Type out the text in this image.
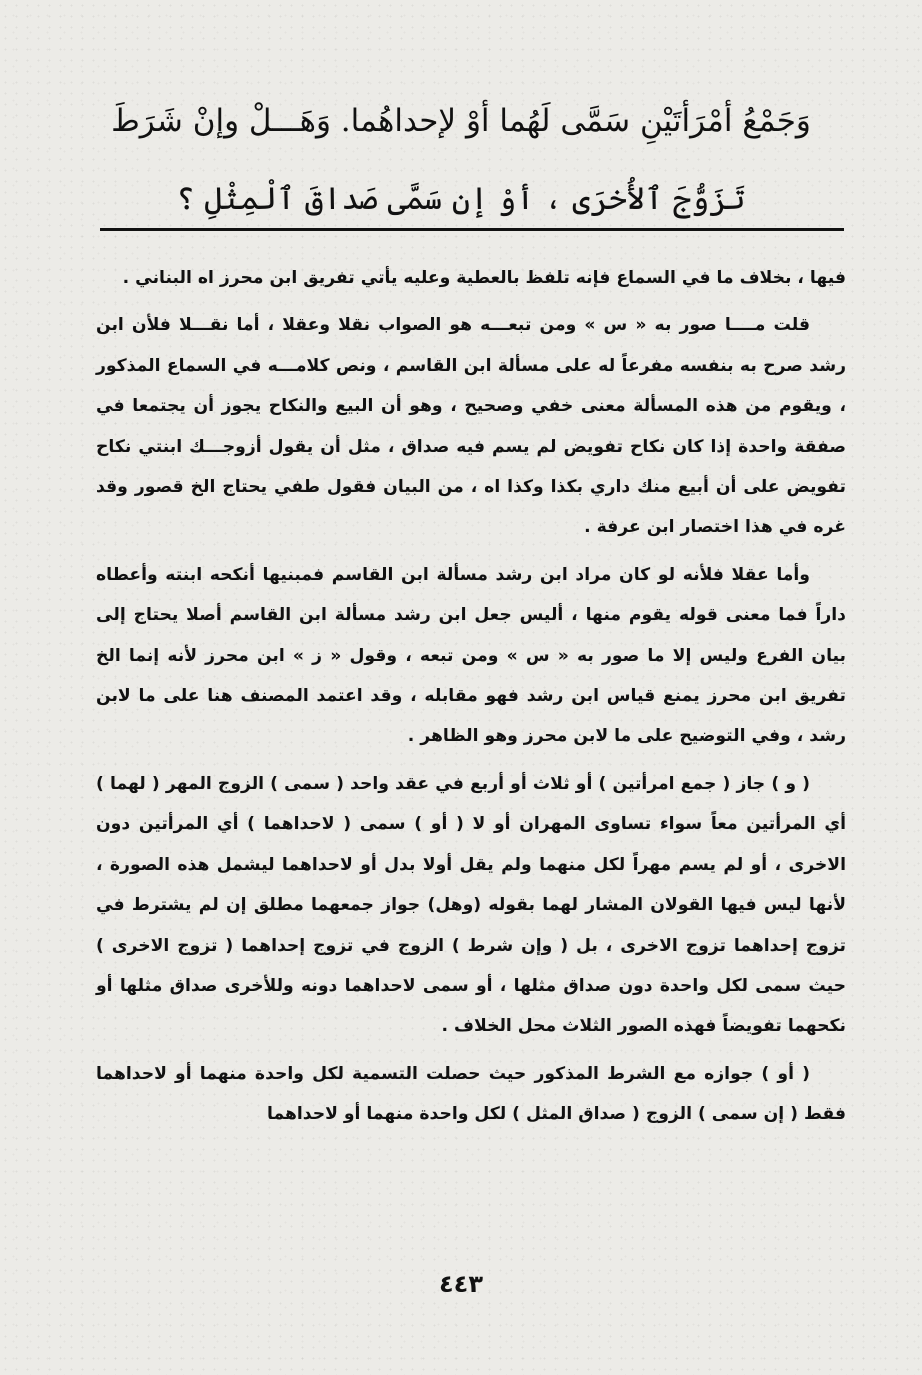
وَجَمْعُ أمْرَأتَيْنِ سَمَّى لَهُما أوْ لإحداهُما. وَهَـــلْ وإنْ شَرَطَ
تَزَوُّجَ ٱلأُخرَى ، أوْ إن سَمَّى صَداقَ ٱلْمِثْلِ ؟

فيها ، بخلاف ما في السماع فإنه تلفظ بالعطية وعليه يأتي تفريق ابن محرز اه البناني .

قلت مــــا صور به « س » ومن تبعـــه هو الصواب نقلا وعقلا ، أما نقـــلا فلأن ابن رشد صرح به بنفسه مفرعاً له على مسألة ابن القاسم ، ونص كلامـــه في السماع المذكور ، ويقوم من هذه المسألة معنى خفي وصحيح ، وهو أن البيع والنكاح يجوز أن يجتمعا في صفقة واحدة إذا كان نكاح تفويض لم يسم فيه صداق ، مثل أن يقول أزوجـــك ابنتي نكاح تفويض على أن أبيع منك داري بكذا وكذا اه ، من البيان فقول طفي يحتاج الخ قصور وقد غره في هذا اختصار ابن عرفة .

وأما عقلا فلأنه لو كان مراد ابن رشد مسألة ابن القاسم فمبنيها أنكحه ابنته وأعطاه داراً فما معنى قوله يقوم منها ، أليس جعل ابن رشد مسألة ابن القاسم أصلا يحتاج إلى بيان الفرع وليس إلا ما صور به « س » ومن تبعه ، وقول « ز » ابن محرز لأنه إنما الخ تفريق ابن محرز يمنع قياس ابن رشد فهو مقابله ، وقد اعتمد المصنف هنا على ما لابن رشد ، وفي التوضيح على ما لابن محرز وهو الظاهر .

( و ) جاز ( جمع امرأتين ) أو ثلاث أو أربع في عقد واحد ( سمى ) الزوج المهر ( لهما ) أي المرأتين معاً سواء تساوى المهران أو لا ( أو ) سمى ( لاحداهما ) أي المرأتين دون الاخرى ، أو لم يسم مهراً لكل منهما ولم يقل أولا بدل أو لاحداهما ليشمل هذه الصورة ، لأنها ليس فيها القولان المشار لهما بقوله (وهل) جواز جمعهما مطلق إن لم يشترط في تزوج إحداهما تزوج الاخرى ، بل ( وإن شرط ) الزوج في تزوج إحداهما ( تزوج الاخرى ) حيث سمى لكل واحدة دون صداق مثلها ، أو سمى لاحداهما دونه وللأخرى صداق مثلها أو نكحهما تفويضاً فهذه الصور الثلاث محل الخلاف .

( أو ) جوازه مع الشرط المذكور حيث حصلت التسمية لكل واحدة منهما أو لاحداهما فقط ( إن سمى ) الزوج ( صداق المثل ) لكل واحدة منهما أو لاحداهما

٤٤٣
